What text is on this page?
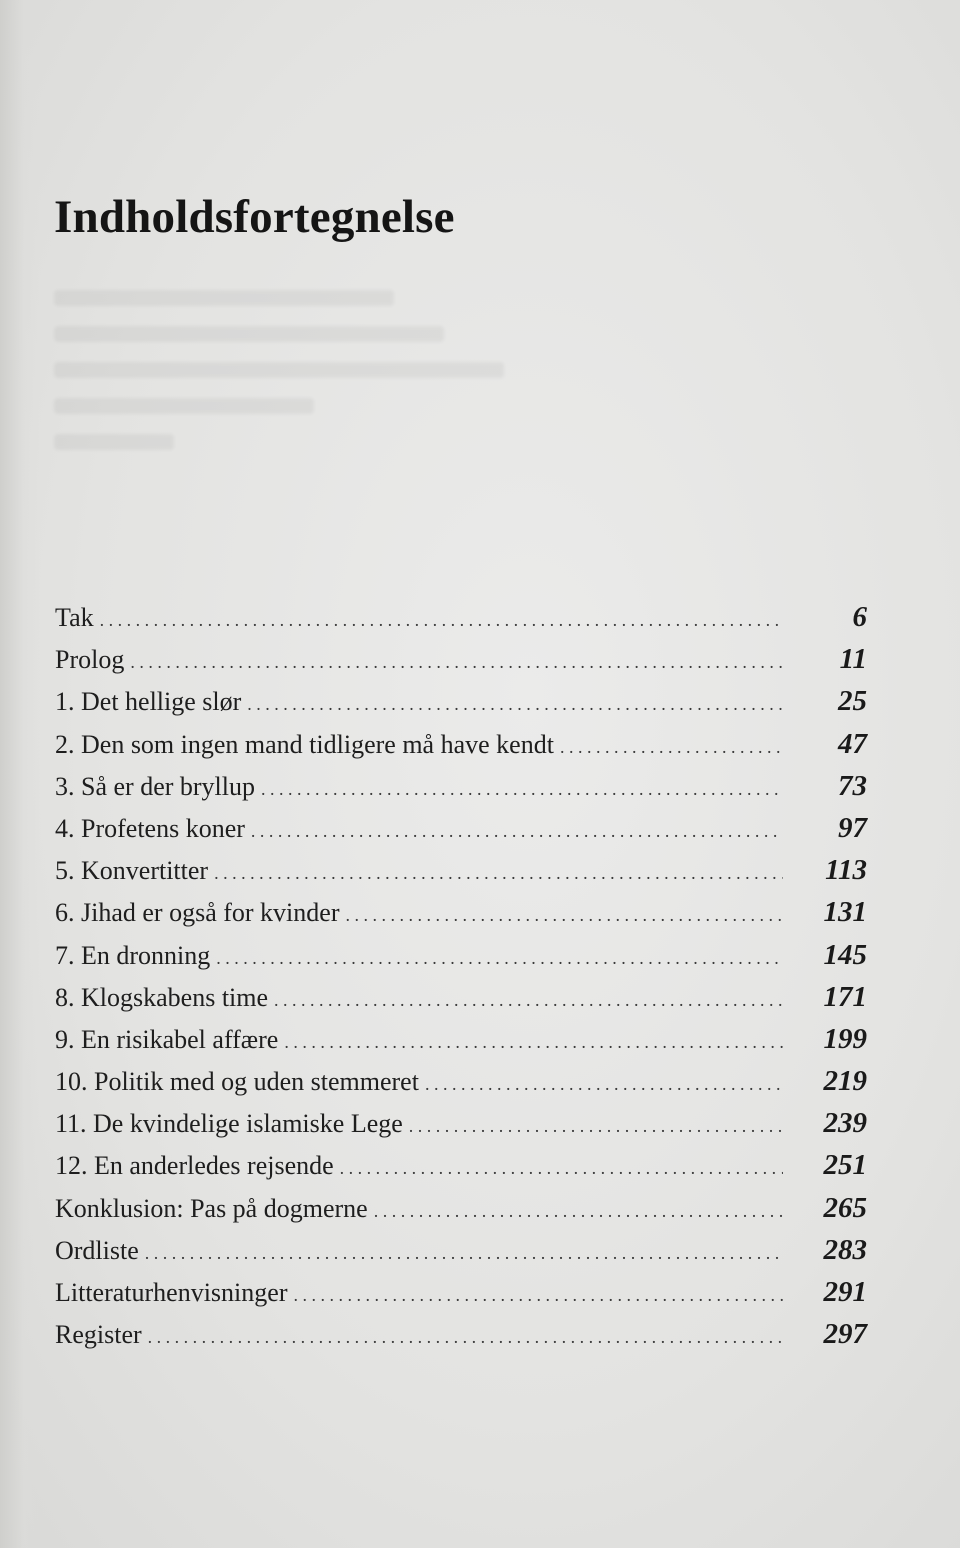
Indholdsfortegnelse
Tak . . .	6
Prolog . . .	11
1. Det hellige slør . . .	25
2. Den som ingen mand tidligere må have kendt . . .	47
3. Så er der bryllup . . .	73
4. Profetens koner . . .	97
5. Konvertitter . . .	113
6. Jihad er også for kvinder . . .	131
7. En dronning . . .	145
8. Klogskabens time . . .	171
9. En risikabel affære . . .	199
10. Politik med og uden stemmeret . . .	219
11. De kvindelige islamiske Lege . . .	239
12. En anderledes rejsende . . .	251
Konklusion: Pas på dogmerne . . .	265
Ordliste . . .	283
Litteraturhenvisninger . . .	291
Register . . .	297
